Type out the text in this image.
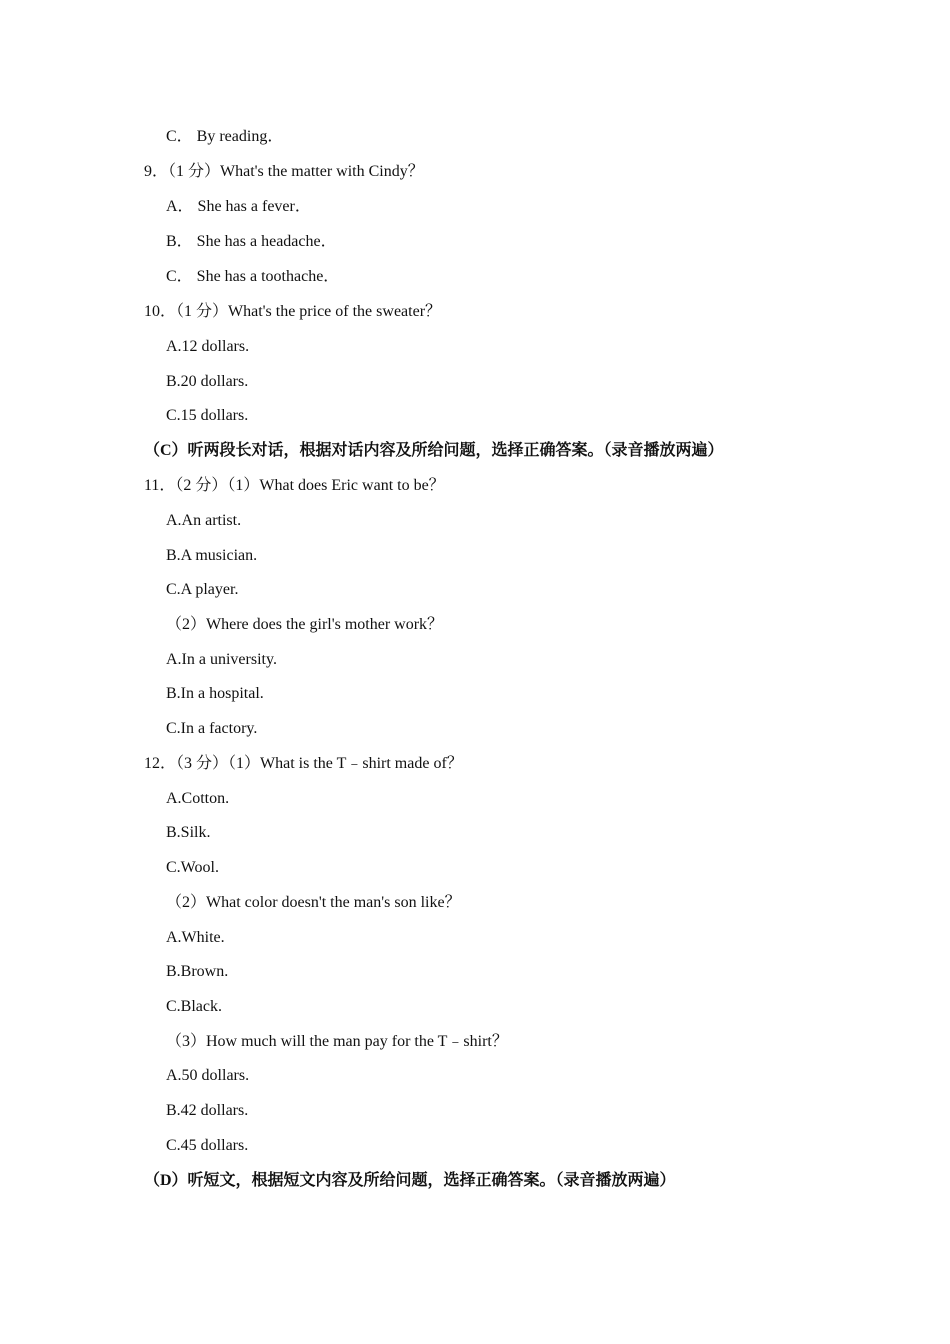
C． By reading．
9．（1 分）What's the matter with Cindy？
A． She has a fever．
B． She has a headache．
C． She has a toothache．
10．（1 分）What's the price of the sweater？
A.12 dollars.
B.20 dollars.
C.15 dollars.
（C）听两段长对话，根据对话内容及所给问题，选择正确答案。（录音播放两遍）
11．（2 分）（1）What does Eric want to be？
A.An artist.
B.A musician.
C.A player.
（2）Where does the girl's mother work？
A.In a university.
B.In a hospital.
C.In a factory.
12．（3 分）（1）What is the T﹣shirt made of？
A.Cotton.
B.Silk.
C.Wool.
（2）What color doesn't the man's son like？
A.White.
B.Brown.
C.Black.
（3）How much will the man pay for the T﹣shirt？
A.50 dollars.
B.42 dollars.
C.45 dollars.
（D）听短文，根据短文内容及所给问题，选择正确答案。（录音播放两遍）
